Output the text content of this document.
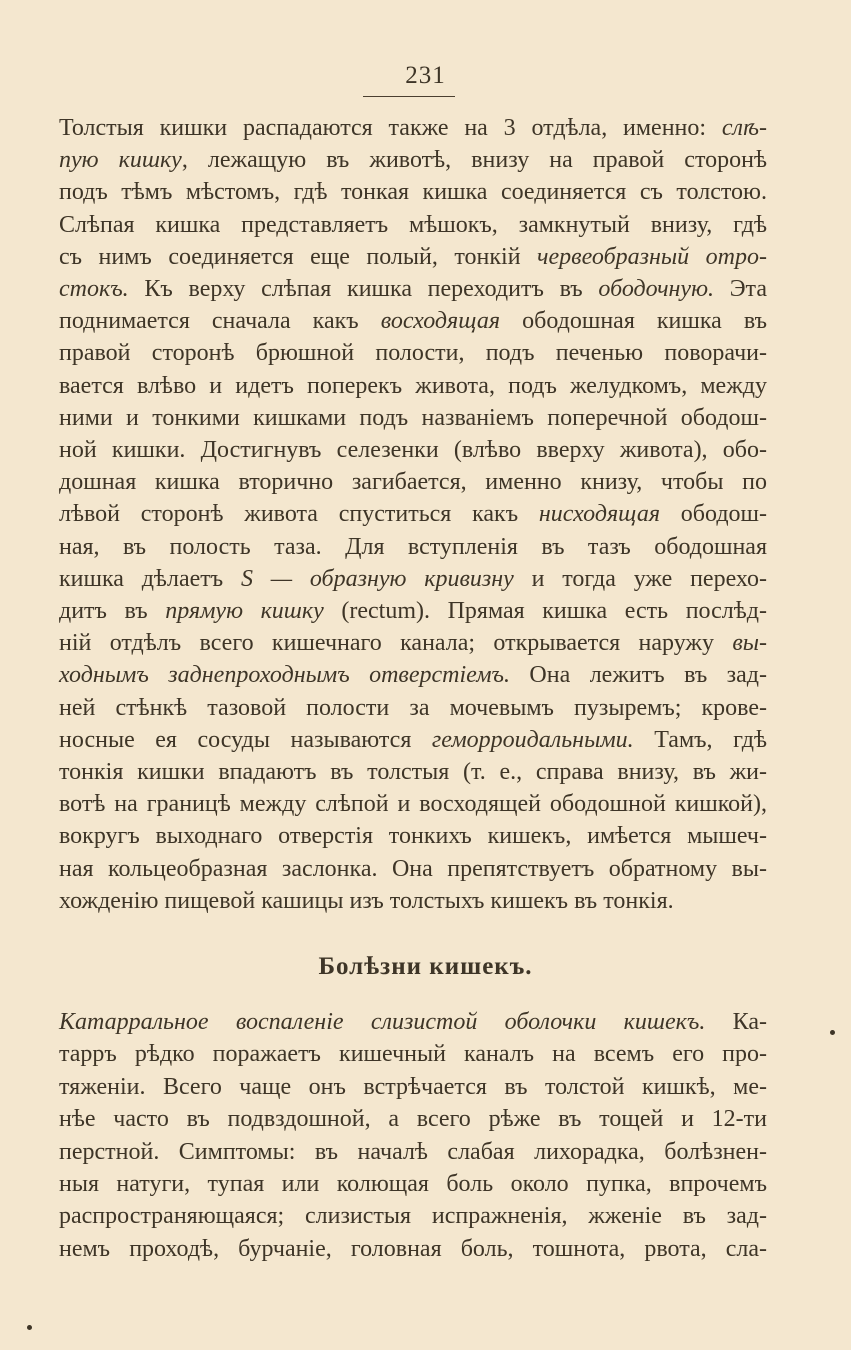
231
Толстыя кишки распадаются также на 3 отдѣла, именно: слѣ-
пую кишку, лежащую въ животѣ, внизу на правой сторонѣ
подъ тѣмъ мѣстомъ, гдѣ тонкая кишка соединяется съ толстою.
Слѣпая кишка представляетъ мѣшокъ, замкнутый внизу, гдѣ
съ нимъ соединяется еще полый, тонкій червеобразный отро-
стокъ. Къ верху слѣпая кишка переходитъ въ ободочную. Эта
поднимается сначала какъ восходящая ободошная кишка въ
правой сторонѣ брюшной полости, подъ печенью поворачи-
вается влѣво и идетъ поперекъ живота, подъ желудкомъ, между
ними и тонкими кишками подъ названіемъ поперечной ободош-
ной кишки. Достигнувъ селезенки (влѣво вверху живота), обо-
дошная кишка вторично загибается, именно книзу, чтобы по
лѣвой сторонѣ живота спуститься какъ нисходящая ободош-
ная, въ полость таза. Для вступленія въ тазъ ободошная
кишка дѣлаетъ S — образную кривизну и тогда уже перехо-
дитъ въ прямую кишку (rectum). Прямая кишка есть послѣд-
ній отдѣлъ всего кишечнаго канала; открывается наружу вы-
ходнымъ заднепроходнымъ отверстіемъ. Она лежитъ въ зад-
ней стѣнкѣ тазовой полости за мочевымъ пузыремъ; крове-
носные ея сосуды называются геморроидальными. Тамъ, гдѣ
тонкія кишки впадаютъ въ толстыя (т. е., справа внизу, въ жи-
вотѣ на границѣ между слѣпой и восходящей ободошной кишкой),
вокругъ выходнаго отверстія тонкихъ кишекъ, имѣется мышеч-
ная кольцеобразная заслонка. Она препятствуетъ обратному вы-
хожденію пищевой кашицы изъ толстыхъ кишекъ въ тонкія.
Болѣзни кишекъ.
Катарральное воспаленіе слизистой оболочки кишекъ. Ка-
тарръ рѣдко поражаетъ кишечный каналъ на всемъ его про-
тяженіи. Всего чаще онъ встрѣчается въ толстой кишкѣ, ме-
нѣе часто въ подвздошной, а всего рѣже въ тощей и 12-ти
перстной. Симптомы: въ началѣ слабая лихорадка, болѣзнен-
ныя натуги, тупая или колющая боль около пупка, впрочемъ
распространяющаяся; слизистыя испражненія, жженіе въ зад-
немъ проходѣ, бурчаніе, головная боль, тошнота, рвота, сла-
